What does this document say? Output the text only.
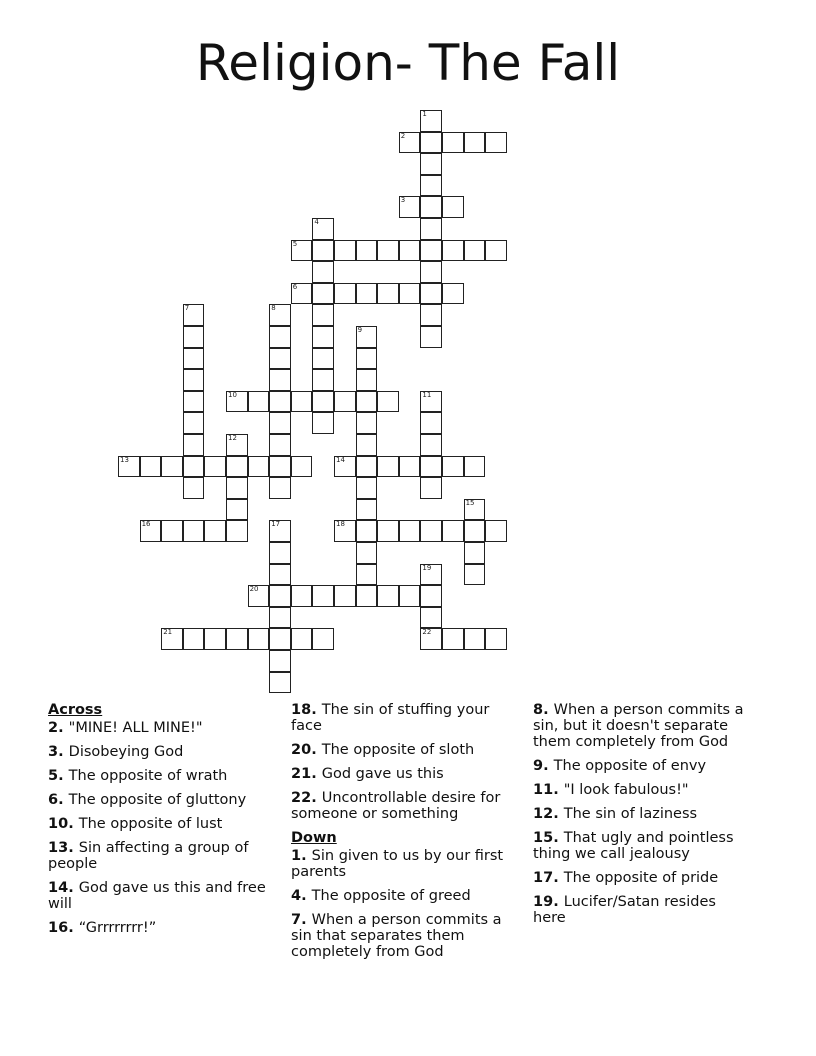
Religion- The Fall
1
2
3
4
5
6
7	8
9
10	11
12
13	14
15
16	17	18
19
22
20
21
Across
2. "MINE! ALL MINE!"
3. Disobeying God
5. The opposite of wrath
6. The opposite of gluttony
10. The opposite of lust
13. Sin affecting a group of people
14. God gave us this and free will
16. “Grrrrrrrr!”
18. The sin of stuffing your face
20. The opposite of sloth
21. God gave us this
22. Uncontrollable desire for someone or something
Down
1. Sin given to us by our first parents
4. The opposite of greed
7. When a person commits a sin that separates them completely from God
8. When a person commits a sin, but it doesn't separate them completely from God
9. The opposite of envy
11. "I look fabulous!"
12. The sin of laziness
15. That ugly and pointless thing we call jealousy
17. The opposite of pride
19. Lucifer/Satan resides here
